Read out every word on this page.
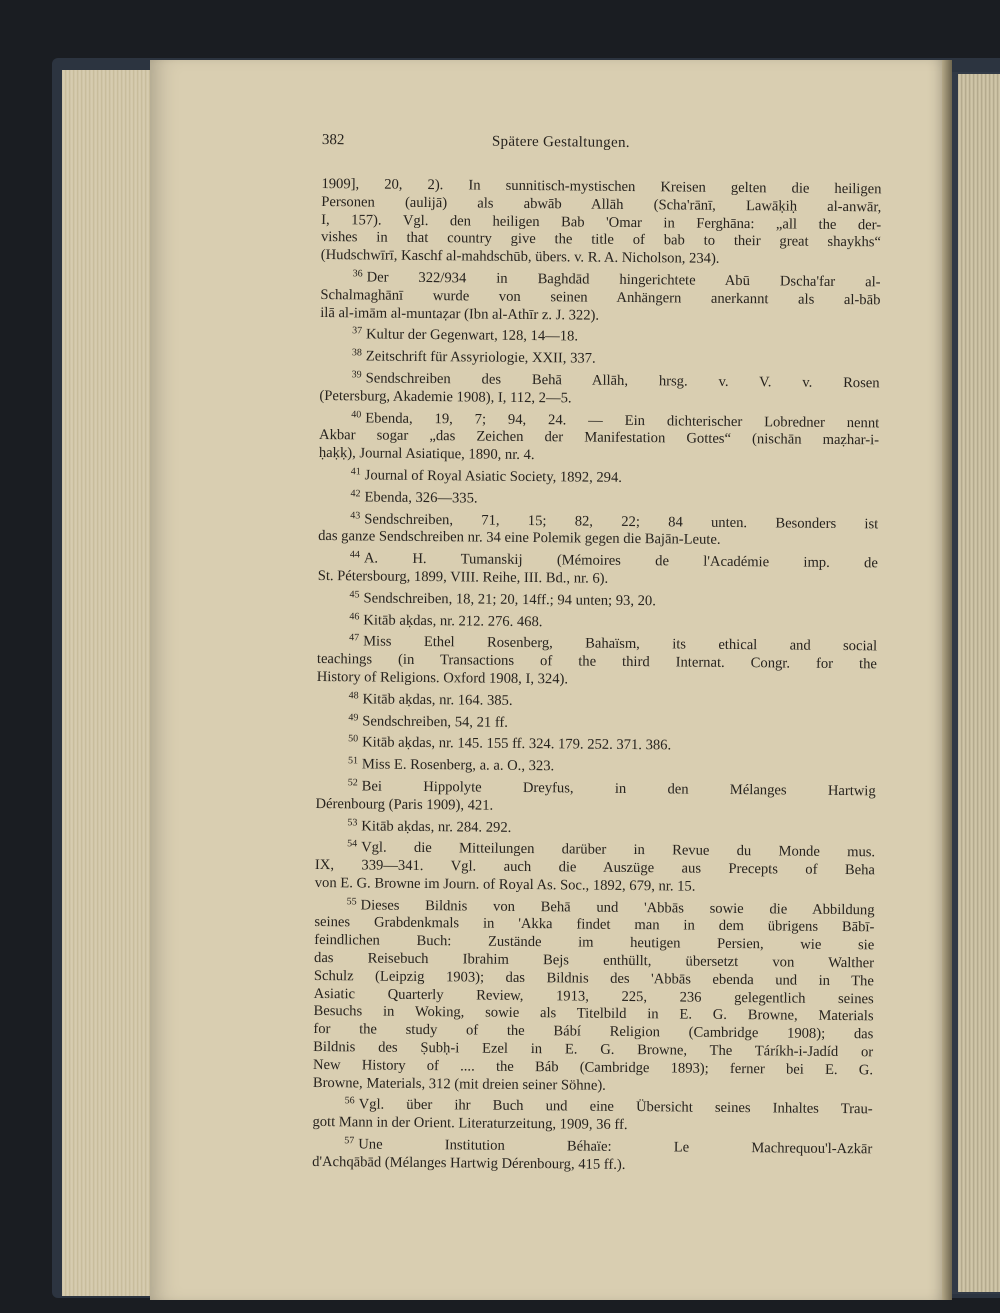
382	Spätere Gestaltungen.
1909], 20, 2). In sunnitisch-mystischen Kreisen gelten die heiligen
Personen (aulijā) als abwāb Allāh (Scha'rānī, Lawāḳiḥ al-anwār,
I, 157). Vgl. den heiligen Bab 'Omar in Ferghāna: „all the der-
vishes in that country give the title of bab to their great shaykhs“
(Hudschwīrī, Kaschf al-mahdschūb, übers. v. R. A. Nicholson, 234).
$^{36}$ Der 322/934 in Baghdād hingerichtete Abū Dscha'far al-
Schalmaghānī wurde von seinen Anhängern anerkannt als al-bāb
ilā al-imām al-muntaẓar (Ibn al-Athīr z. J. 322).
$^{37}$ Kultur der Gegenwart, 128, 14—18.
$^{38}$ Zeitschrift für Assyriologie, XXII, 337.
$^{39}$ Sendschreiben des Behā Allāh, hrsg. v. V. v. Rosen
(Petersburg, Akademie 1908), I, 112, 2—5.
$^{40}$ Ebenda, 19, 7; 94, 24. — Ein dichterischer Lobredner nennt
Akbar sogar „das Zeichen der Manifestation Gottes“ (nischān maẓhar-i-
ḥaḳḳ), Journal Asiatique, 1890, nr. 4.
$^{41}$ Journal of Royal Asiatic Society, 1892, 294.
$^{42}$ Ebenda, 326—335.
$^{43}$ Sendschreiben, 71, 15; 82, 22; 84 unten. Besonders ist
das ganze Sendschreiben nr. 34 eine Polemik gegen die Bajān-Leute.
$^{44}$ A. H. Tumanskij (Mémoires de l'Académie imp. de
St. Pétersbourg, 1899, VIII. Reihe, III. Bd., nr. 6).
$^{45}$ Sendschreiben, 18, 21; 20, 14ff.; 94 unten; 93, 20.
$^{46}$ Kitāb aḳdas, nr. 212. 276. 468.
$^{47}$ Miss Ethel Rosenberg, Bahaïsm, its ethical and social
teachings (in Transactions of the third Internat. Congr. for the
History of Religions. Oxford 1908, I, 324).
$^{48}$ Kitāb aḳdas, nr. 164. 385.
$^{49}$ Sendschreiben, 54, 21 ff.
$^{50}$ Kitāb aḳdas, nr. 145. 155 ff. 324. 179. 252. 371. 386.
$^{51}$ Miss E. Rosenberg, a. a. O., 323.
$^{52}$ Bei Hippolyte Dreyfus, in den Mélanges Hartwig
Dérenbourg (Paris 1909), 421.
$^{53}$ Kitāb aḳdas, nr. 284. 292.
$^{54}$ Vgl. die Mitteilungen darüber in Revue du Monde mus.
IX, 339—341. Vgl. auch die Auszüge aus Precepts of Beha
von E. G. Browne im Journ. of Royal As. Soc., 1892, 679, nr. 15.
$^{55}$ Dieses Bildnis von Behā und 'Abbās sowie die Abbildung
seines Grabdenkmals in 'Akka findet man in dem übrigens Bābī-
feindlichen Buch: Zustände im heutigen Persien, wie sie
das Reisebuch Ibrahim Bejs enthüllt, übersetzt von Walther
Schulz (Leipzig 1903); das Bildnis des 'Abbās ebenda und in The
Asiatic Quarterly Review, 1913, 225, 236 gelegentlich seines
Besuchs in Woking, sowie als Titelbild in E. G. Browne, Materials
for the study of the Bábí Religion (Cambridge 1908); das
Bildnis des Ṣubḥ-i Ezel in E. G. Browne, The Táríkh-i-Jadíd or
New History of .... the Báb (Cambridge 1893); ferner bei E. G.
Browne, Materials, 312 (mit dreien seiner Söhne).
$^{56}$ Vgl. über ihr Buch und eine Übersicht seines Inhaltes Trau-
gott Mann in der Orient. Literaturzeitung, 1909, 36 ff.
$^{57}$ Une Institution Béhaïe: Le Machrequou'l-Azkār
d'Achqābād (Mélanges Hartwig Dérenbourg, 415 ff.).
